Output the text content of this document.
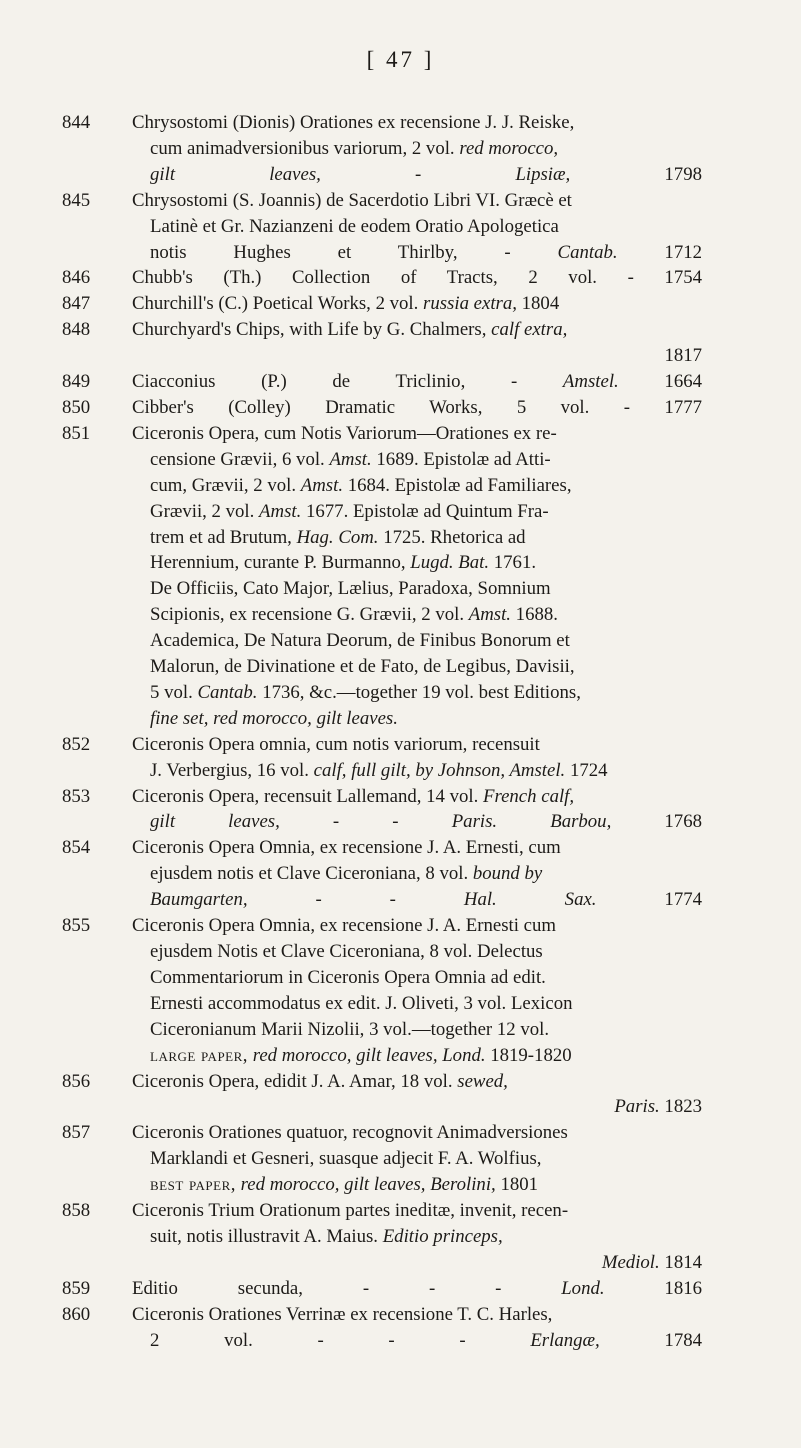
[ 47 ]
844	Chrysostomi (Dionis) Orationes ex recensione J. J. Reiske,
cum animadversionibus variorum, 2 vol. red morocco,
gilt leaves, - Lipsiæ, 1798
845	Chrysostomi (S. Joannis) de Sacerdotio Libri VI. Græcè et
Latinè et Gr. Nazianzeni de eodem Oratio Apologetica
notis Hughes et Thirlby, - Cantab. 1712
846	Chubb's (Th.) Collection of Tracts, 2 vol. - 1754
847	Churchill's (C.) Poetical Works, 2 vol. russia extra, 1804
848	Churchyard's Chips, with Life by G. Chalmers, calf extra,
1817
849	Ciacconius (P.) de Triclinio, - Amstel. 1664
850	Cibber's (Colley) Dramatic Works, 5 vol. - 1777
851	Ciceronis Opera, cum Notis Variorum—Orationes ex re-
censione Grævii, 6 vol. Amst. 1689. Epistolæ ad Atti-
cum, Grævii, 2 vol. Amst. 1684. Epistolæ ad Familiares,
Grævii, 2 vol. Amst. 1677. Epistolæ ad Quintum Fra-
trem et ad Brutum, Hag. Com. 1725. Rhetorica ad
Herennium, curante P. Burmanno, Lugd. Bat. 1761.
De Officiis, Cato Major, Lælius, Paradoxa, Somnium
Scipionis, ex recensione G. Grævii, 2 vol. Amst. 1688.
Academica, De Natura Deorum, de Finibus Bonorum et
Malorun, de Divinatione et de Fato, de Legibus, Davisii,
5 vol. Cantab. 1736, &c.—together 19 vol. best Editions,
fine set, red morocco, gilt leaves.
852	Ciceronis Opera omnia, cum notis variorum, recensuit
J. Verbergius, 16 vol. calf, full gilt, by Johnson, Amstel. 1724
853	Ciceronis Opera, recensuit Lallemand, 14 vol. French calf,
gilt leaves, - - Paris. Barbou, 1768
854	Ciceronis Opera Omnia, ex recensione J. A. Ernesti, cum
ejusdem notis et Clave Ciceroniana, 8 vol. bound by
Baumgarten, - - Hal. Sax. 1774
855	Ciceronis Opera Omnia, ex recensione J. A. Ernesti cum
ejusdem Notis et Clave Ciceroniana, 8 vol. Delectus
Commentariorum in Ciceronis Opera Omnia ad edit.
Ernesti accommodatus ex edit. J. Oliveti, 3 vol. Lexicon
Ciceronianum Marii Nizolii, 3 vol.—together 12 vol.
large paper, red morocco, gilt leaves, Lond. 1819-1820
856	Ciceronis Opera, edidit J. A. Amar, 18 vol. sewed,
Paris. 1823
857	Ciceronis Orationes quatuor, recognovit Animadversiones
Marklandi et Gesneri, suasque adjecit F. A. Wolfius,
best paper, red morocco, gilt leaves, Berolini, 1801
858	Ciceronis Trium Orationum partes ineditæ, invenit, recen-
suit, notis illustravit A. Maius. Editio princeps,
Mediol. 1814
859	Editio secunda, - - - Lond. 1816
860	Ciceronis Orationes Verrinæ ex recensione T. C. Harles,
2 vol. - - - Erlangæ, 1784
